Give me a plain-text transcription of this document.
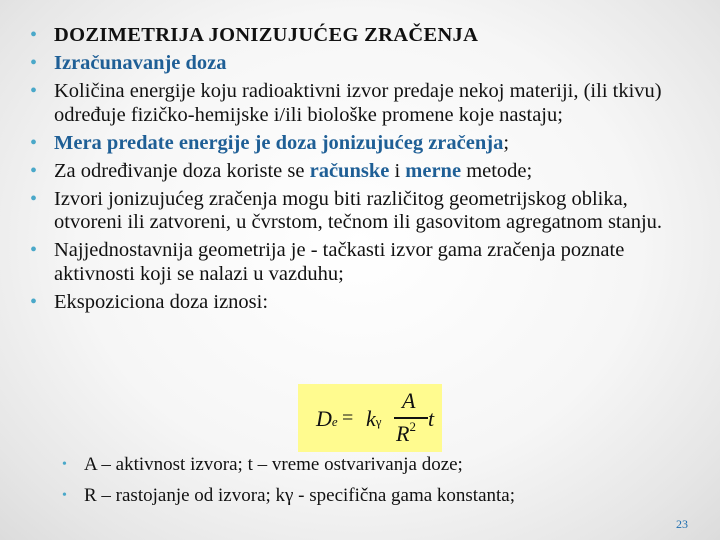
• DOZIMETRIJA JONIZUJUĆEG ZRAČENJA
• Izračunavanje doza
• Količina energije koju radioaktivni izvor predaje nekoj materiji, (ili tkivu) određuje fizičko-hemijske i/ili biološke promene koje nastaju;
• Mera predate energije je doza jonizujućeg zračenja;
• Za određivanje doza koriste se računske i merne metode;
• Izvori jonizujućeg zračenja mogu biti različitog geometrijskog oblika, otvoreni ili zatvoreni, u čvrstom, tečnom ili gasovitom agregatnom stanju.
• Najjednostavnija geometrija je - tačkasti izvor gama zračenja poznate aktivnosti koji se nalazi u vazduhu;
• Ekspoziciona doza iznosi:
De = kγ
A
$R^2$ t
• A – aktivnost izvora; t – vreme ostvarivanja doze;
• R – rastojanje od izvora; kγ - specifična gama konstanta;
23
